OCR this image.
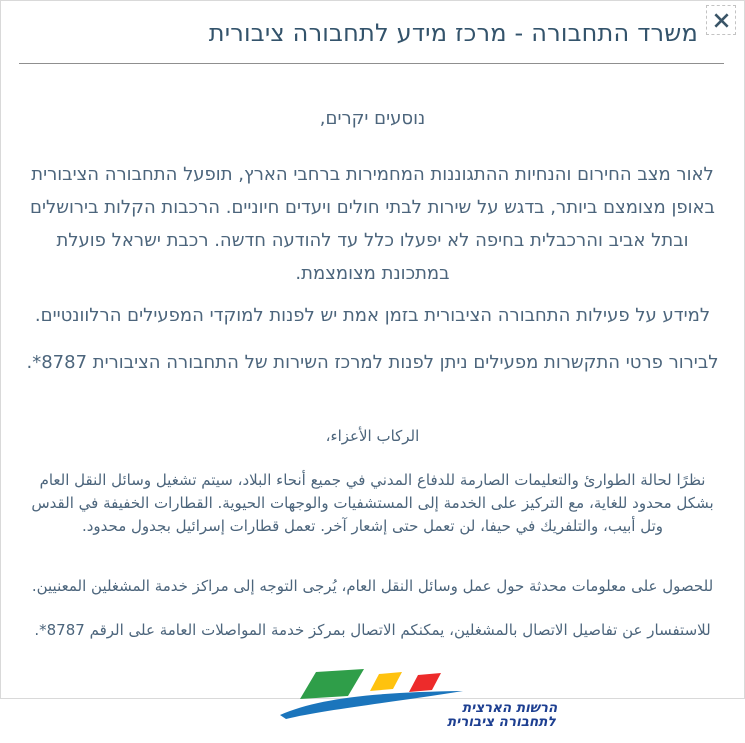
משרד התחבורה - מרכז מידע לתחבורה ציבורית

נוסעים יקרים,

לאור מצב החירום והנחיות ההתגוננות המחמירות ברחבי הארץ, תופעל התחבורה הציבורית באופן מצומצם ביותר, בדגש על שירות לבתי חולים ויעדים חיוניים. הרכבות הקלות בירושלים ובתל אביב והרכבלית בחיפה לא יפעלו כלל עד להודעה חדשה. רכבת ישראל פועלת במתכונת מצומצמת.

למידע על פעילות התחבורה הציבורית בזמן אמת יש לפנות למוקדי המפעילים הרלוונטיים.

לבירור פרטי התקשרות מפעילים ניתן לפנות למרכז השירות של התחבורה הציבורית 8787*.

الركاب الأعزاء،

نظرًا لحالة الطوارئ والتعليمات الصارمة للدفاع المدني في جميع أنحاء البلاد، سيتم تشغيل وسائل النقل العام بشكل محدود للغاية، مع التركيز على الخدمة إلى المستشفيات والوجهات الحيوية. القطارات الخفيفة في القدس وتل أبيب، والتلفريك في حيفا، لن تعمل حتى إشعار آخر. تعمل قطارات إسرائيل بجدول محدود.

للحصول على معلومات محدثة حول عمل وسائل النقل العام، يُرجى التوجه إلى مراكز خدمة المشغلين المعنيين.

للاستفسار عن تفاصيل الاتصال بالمشغلين، يمكنكم الاتصال بمركز خدمة المواصلات العامة على الرقم 8787*.

הרשות הארצית
לתחבורה ציבורית
